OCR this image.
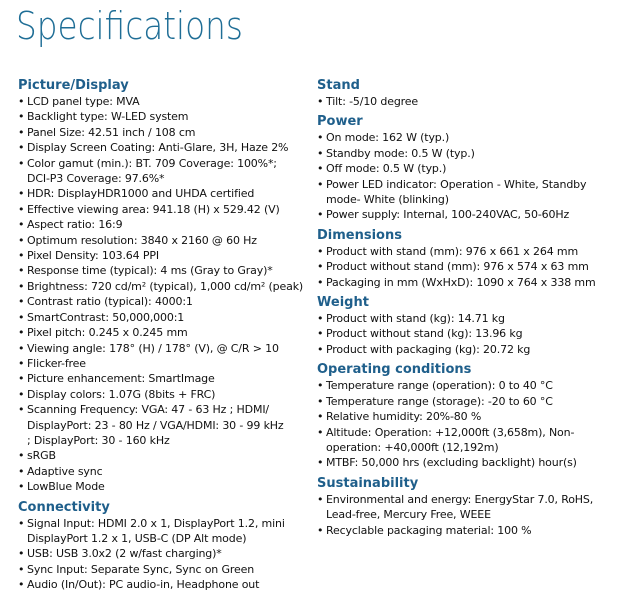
Specifications
Picture/Display
• LCD panel type: MVA
• Backlight type: W-LED system
• Panel Size: 42.51 inch / 108 cm
• Display Screen Coating: Anti-Glare, 3H, Haze 2%
• Color gamut (min.): BT. 709 Coverage: 100%*;
DCI-P3 Coverage: 97.6%*
• HDR: DisplayHDR1000 and UHDA certified
• Effective viewing area: 941.18 (H) x 529.42 (V)
• Aspect ratio: 16:9
• Optimum resolution: 3840 x 2160 @ 60 Hz
• Pixel Density: 103.64 PPI
• Response time (typical): 4 ms (Gray to Gray)*
• Brightness: 720 cd/m² (typical), 1,000 cd/m² (peak)
• Contrast ratio (typical): 4000:1
• SmartContrast: 50,000,000:1
• Pixel pitch: 0.245 x 0.245 mm
• Viewing angle: 178° (H) / 178° (V), @ C/R > 10
• Flicker-free
• Picture enhancement: SmartImage
• Display colors: 1.07G (8bits + FRC)
• Scanning Frequency: VGA: 47 - 63 Hz ; HDMI/
DisplayPort: 23 - 80 Hz / VGA/HDMI: 30 - 99 kHz
; DisplayPort: 30 - 160 kHz
• sRGB
• Adaptive sync
• LowBlue Mode
Connectivity
• Signal Input: HDMI 2.0 x 1, DisplayPort 1.2, mini
DisplayPort 1.2 x 1, USB-C (DP Alt mode)
• USB: USB 3.0x2 (2 w/fast charging)*
• Sync Input: Separate Sync, Sync on Green
• Audio (In/Out): PC audio-in, Headphone out
Stand
• Tilt: -5/10 degree
Power
• On mode: 162 W (typ.)
• Standby mode: 0.5 W (typ.)
• Off mode: 0.5 W (typ.)
• Power LED indicator: Operation - White, Standby
mode- White (blinking)
• Power supply: Internal, 100-240VAC, 50-60Hz
Dimensions
• Product with stand (mm): 976 x 661 x 264 mm
• Product without stand (mm): 976 x 574 x 63 mm
• Packaging in mm (WxHxD): 1090 x 764 x 338 mm
Weight
• Product with stand (kg): 14.71 kg
• Product without stand (kg): 13.96 kg
• Product with packaging (kg): 20.72 kg
Operating conditions
• Temperature range (operation): 0 to 40 °C
• Temperature range (storage): -20 to 60 °C
• Relative humidity: 20%-80 %
• Altitude: Operation: +12,000ft (3,658m), Non-
operation: +40,000ft (12,192m)
• MTBF: 50,000 hrs (excluding backlight) hour(s)
Sustainability
• Environmental and energy: EnergyStar 7.0, RoHS,
Lead-free, Mercury Free, WEEE
• Recyclable packaging material: 100 %
